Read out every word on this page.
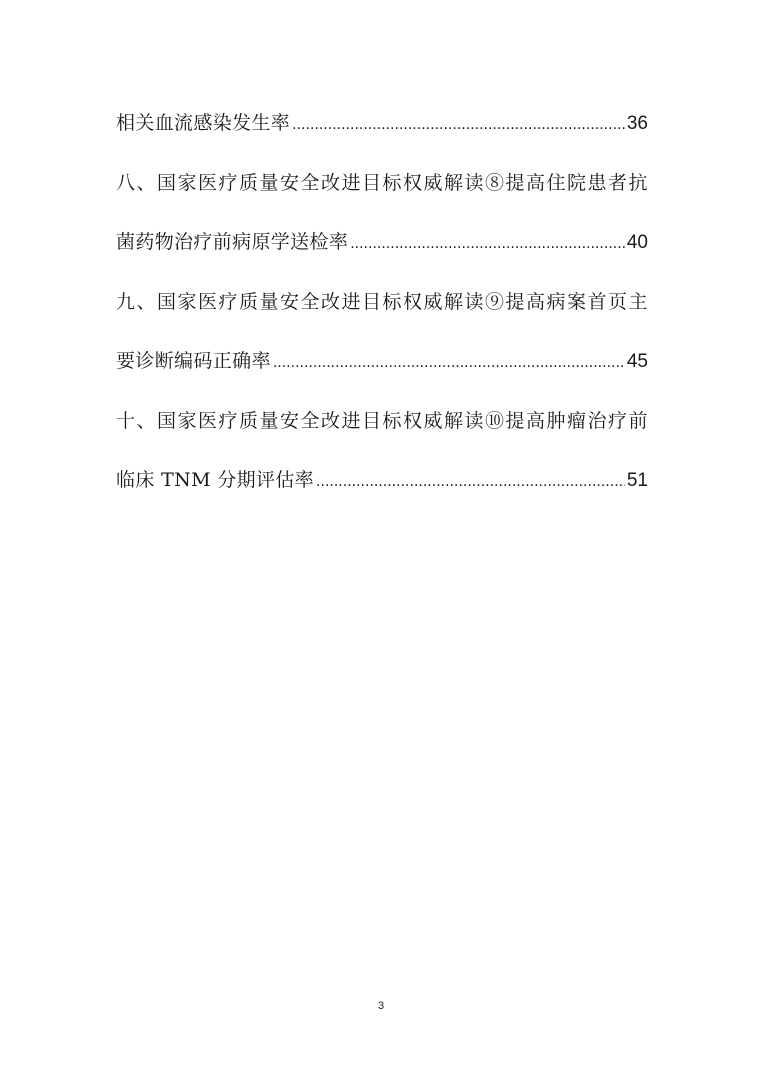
相关血流感染发生率 .....	36
八、国家医疗质量安全改进目标权威解读⑧提高住院患者抗
菌药物治疗前病原学送检率 .....	40
九、国家医疗质量安全改进目标权威解读⑨提高病案首页主
要诊断编码正确率 .....	45
十、国家医疗质量安全改进目标权威解读⑩提高肿瘤治疗前
临床 TNM 分期评估率 .....	51
3
